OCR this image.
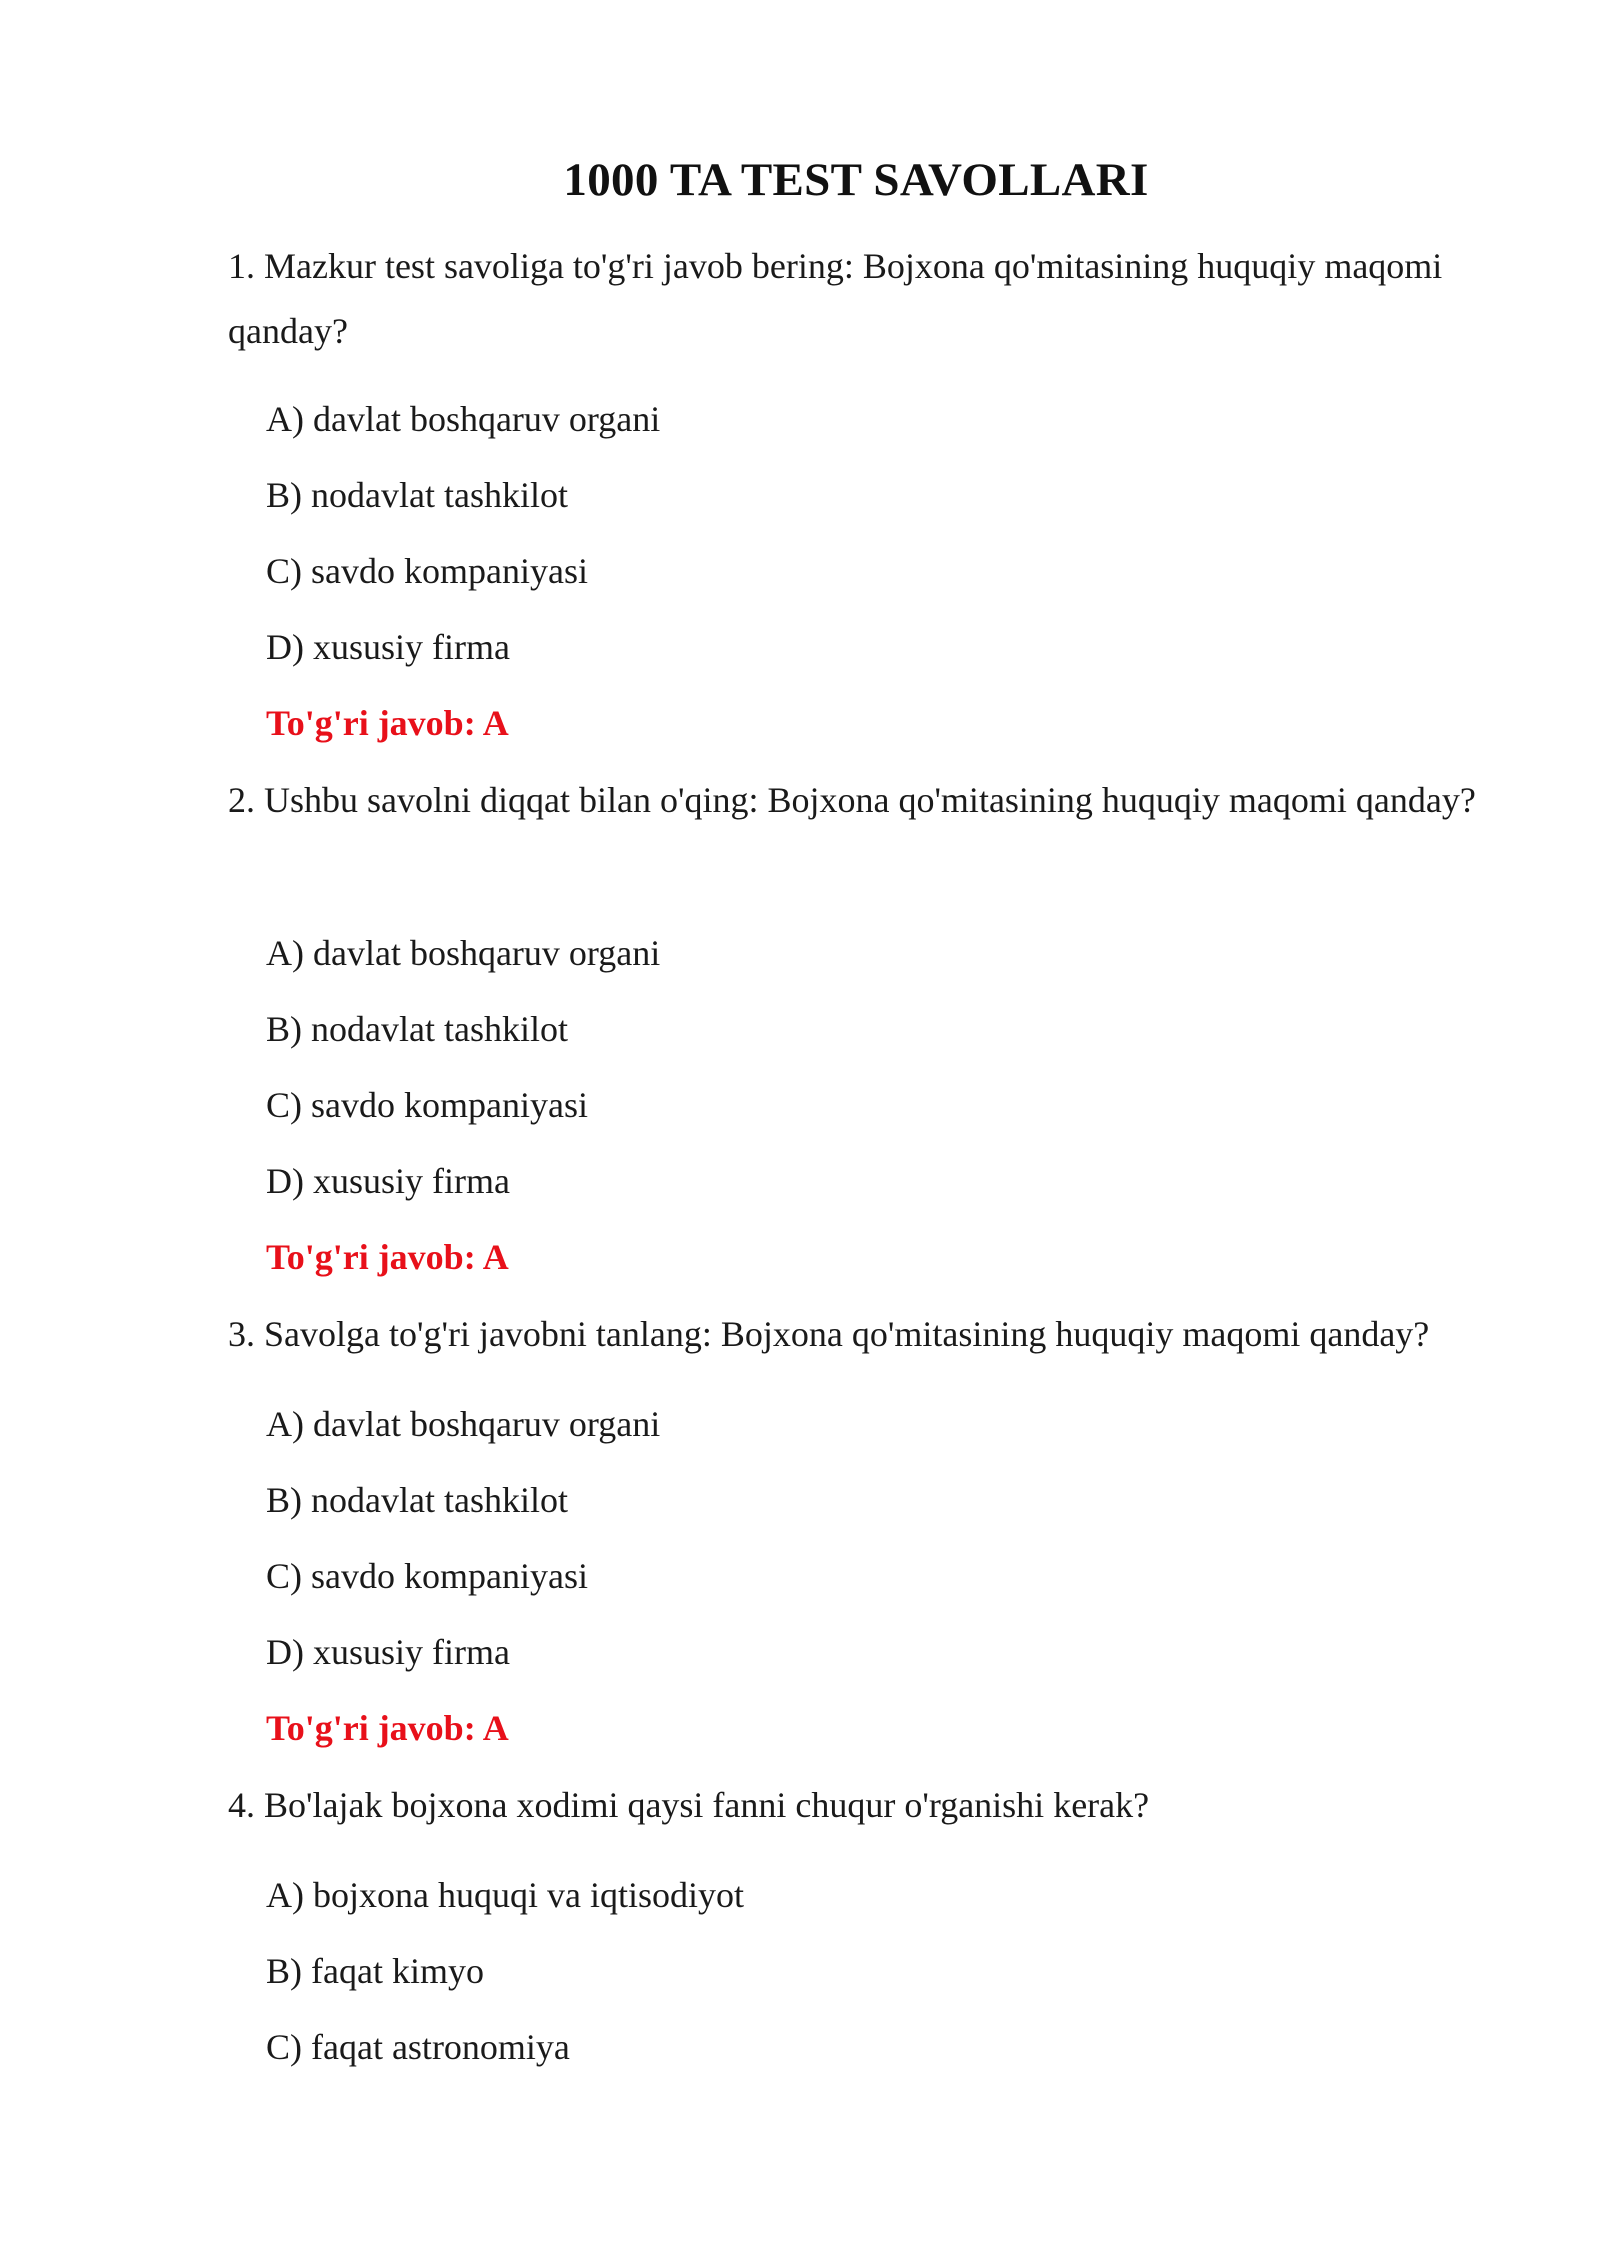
1000 TA TEST SAVOLLARI
1. Mazkur test savoliga to'g'ri javob bering: Bojxona qo'mitasining huquqiy maqomi qanday?
A) davlat boshqaruv organi
B) nodavlat tashkilot
C) savdo kompaniyasi
D) xususiy firma
To'g'ri javob: A
2. Ushbu savolni diqqat bilan o'qing: Bojxona qo'mitasining huquqiy maqomi qanday?
A) davlat boshqaruv organi
B) nodavlat tashkilot
C) savdo kompaniyasi
D) xususiy firma
To'g'ri javob: A
3. Savolga to'g'ri javobni tanlang: Bojxona qo'mitasining huquqiy maqomi qanday?
A) davlat boshqaruv organi
B) nodavlat tashkilot
C) savdo kompaniyasi
D) xususiy firma
To'g'ri javob: A
4. Bo'lajak bojxona xodimi qaysi fanni chuqur o'rganishi kerak?
A) bojxona huquqi va iqtisodiyot
B) faqat kimyo
C) faqat astronomiya
